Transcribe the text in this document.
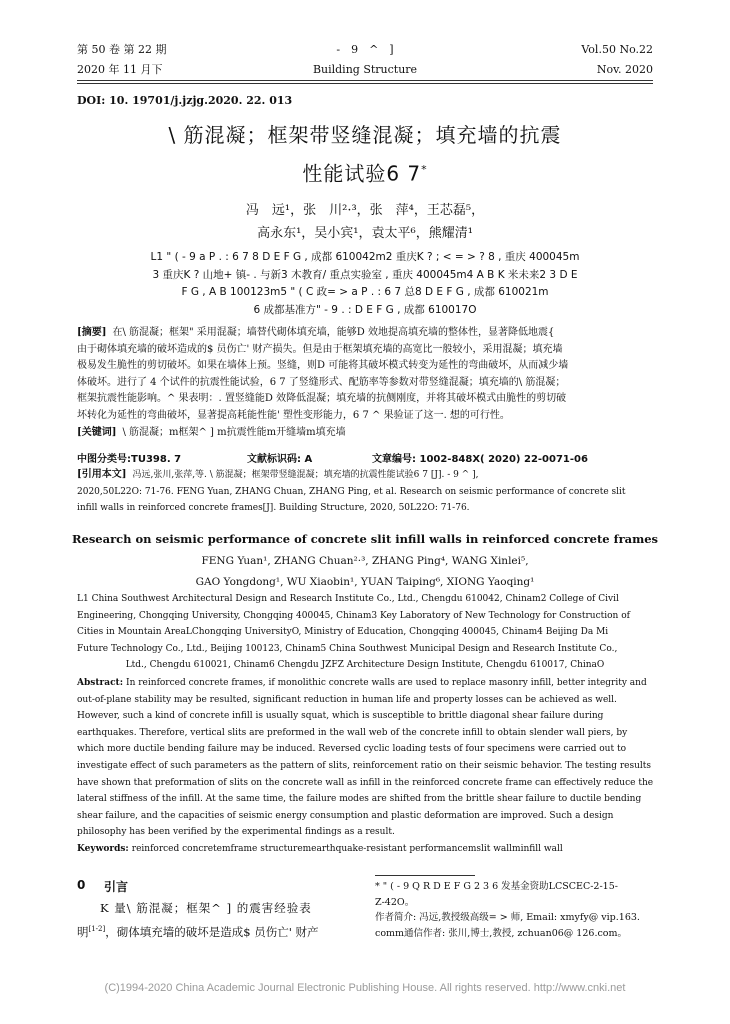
第 50 卷 第 22 期
2020 年 11 月下
-　9　^　]
Building Structure
Vol.50 No.22
Nov. 2020
DOI: 10. 19701/j.jzjg.2020. 22. 013
\ 筋混凝；框架带竖缝混凝；填充墙的抗震
性能试验6 7*
冯　远¹，张　川²·³，张　萍⁴，王芯磊⁵，
高永东¹，吴小宾¹，袁太平⁶，熊耀清¹
L1 " ( - 9 a P . : 6 7 8 D E F G , 成都 610042m2 重庆K ? ; < = > ? 8 , 重庆 400045m
3 重庆K ? 山地+ 镇- . 与新3 木教育/ 重点实验室 , 重庆 400045m4 A B K 米未来2 3 D E
F G , A B 100123m5 " ( C 政= > a P . : 6 7 总8 D E F G , 成都 610021m
6 成都基准方" - 9 . : D E F G , 成都 610017O
[摘要] 在\ 筋混凝；框架" 采用混凝；墙替代砌体填充墙，能够D 效地提高填充墙的整体性，显著降低地震{
由于砌体填充墙的破坏造成的$ 员伤亡' 财产损失。但是由于框架填充墙的高宽比一般较小，采用混凝；填充墙
极易发生脆性的剪切破坏。如果在墙体上预。竖缝，则D 可能将其破坏模式转变为延性的弯曲破坏，从而减少墙
体破坏。进行了 4 个试件的抗震性能试验，6 7 了竖缝形式、配筋率等参数对带竖缝混凝；填充墙的\ 筋混凝；
框架抗震性能影响。^ 果表明：. 置竖缝能D 效降低混凝；填充墙的抗侧刚度，并将其破坏模式由脆性的剪切破
坏转化为延性的弯曲破坏，显著提高耗能性能' 塑性变形能力，6 7 ^ 果验证了这一. 想的可行性。
[关键词] \ 筋混凝；m框架^ ] m抗震性能m开缝墙m填充墙
中图分类号:TU398. 7	文献标识码: A	文章编号: 1002-848X( 2020) 22-0071-06
[引用本文] 冯远,张川,张萍,等. \ 筋混凝；框架带竖缝混凝；填充墙的抗震性能试验6 7 [J]. - 9 ^ ],
2020,50L22O: 71-76. FENG Yuan, ZHANG Chuan, ZHANG Ping, et al. Research on seismic performance of concrete slit
infill walls in reinforced concrete frames[J]. Building Structure, 2020, 50L22O: 71-76.
Research on seismic performance of concrete slit infill walls in reinforced concrete frames
FENG Yuan¹, ZHANG Chuan²·³, ZHANG Ping⁴, WANG Xinlei⁵,
GAO Yongdong¹, WU Xiaobin¹, YUAN Taiping⁶, XIONG Yaoqing¹
L1 China Southwest Architectural Design and Research Institute Co., Ltd., Chengdu 610042, Chinam2 College of Civil
Engineering, Chongqing University, Chongqing 400045, Chinam3 Key Laboratory of New Technology for Construction of
Cities in Mountain AreaLChongqing UniversityO, Ministry of Education, Chongqing 400045, Chinam4 Beijing Da Mi
Future Technology Co., Ltd., Beijing 100123, Chinam5 China Southwest Municipal Design and Research Institute Co.,
Ltd., Chengdu 610021, Chinam6 Chengdu JZFZ Architecture Design Institute, Chengdu 610017, ChinaO
Abstract: In reinforced concrete frames, if monolithic concrete walls are used to replace masonry infill, better integrity and
out-of-plane stability may be resulted, significant reduction in human life and property losses can be achieved as well.
However, such a kind of concrete infill is usually squat, which is susceptible to brittle diagonal shear failure during
earthquakes. Therefore, vertical slits are preformed in the wall web of the concrete infill to obtain slender wall piers, by
which more ductile bending failure may be induced. Reversed cyclic loading tests of four specimens were carried out to
investigate effect of such parameters as the pattern of slits, reinforcement ratio on their seismic behavior. The testing results
have shown that preformation of slits on the concrete wall as infill in the reinforced concrete frame can effectively reduce the
lateral stiffness of the infill. At the same time, the failure modes are shifted from the brittle shear failure to ductile bending
shear failure, and the capacities of seismic energy consumption and plastic deformation are improved. Such a design
philosophy has been verified by the experimental findings as a result.
Keywords: reinforced concretemframe structuremearthquake-resistant performancemslit wallminfill wall
0 引言
K 量\ 筋混凝；框架^ ] 的震害经验表
明[1-2]，砌体填充墙的破坏是造成$ 员伤亡' 财产
* " ( - 9 Q R D E F G 2 3 6 发基金资助LCSCEC-2-15-
Z-42O。
作者简介: 冯远,教授级高级= > 师, Email: xmyfy@ vip.163.
comm通信作者: 张川,博士,教授, zchuan06@ 126.com。
(C)1994-2020 China Academic Journal Electronic Publishing House. All rights reserved. http://www.cnki.net
